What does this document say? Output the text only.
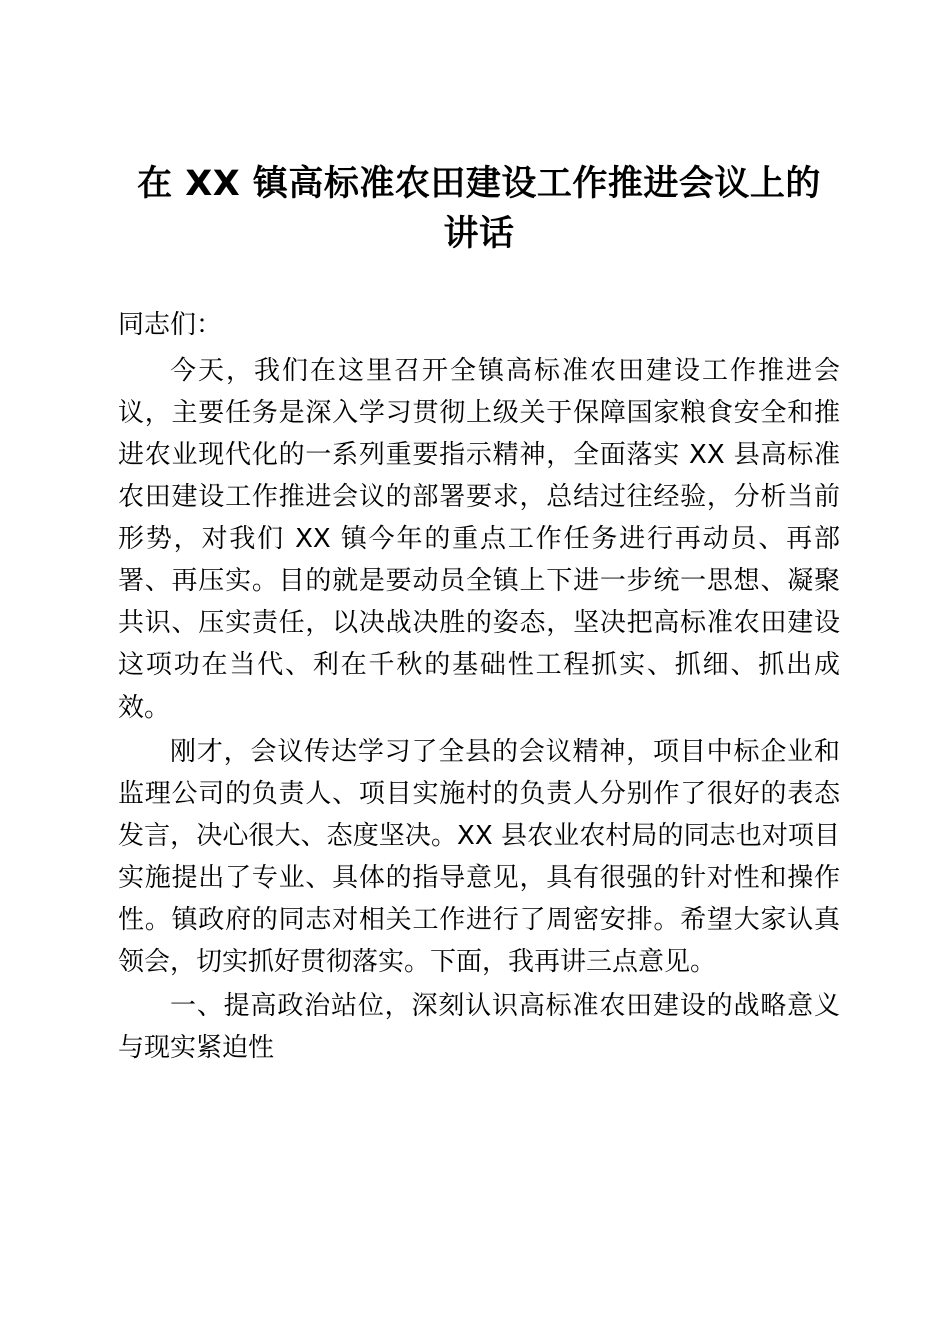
在 XX 镇高标准农田建设工作推进会议上的讲话

同志们：

今天，我们在这里召开全镇高标准农田建设工作推进会议，主要任务是深入学习贯彻上级关于保障国家粮食安全和推进农业现代化的一系列重要指示精神，全面落实 XX 县高标准农田建设工作推进会议的部署要求，总结过往经验，分析当前形势，对我们 XX 镇今年的重点工作任务进行再动员、再部署、再压实。目的就是要动员全镇上下进一步统一思想、凝聚共识、压实责任，以决战决胜的姿态，坚决把高标准农田建设这项功在当代、利在千秋的基础性工程抓实、抓细、抓出成效。

刚才，会议传达学习了全县的会议精神，项目中标企业和监理公司的负责人、项目实施村的负责人分别作了很好的表态发言，决心很大、态度坚决。XX 县农业农村局的同志也对项目实施提出了专业、具体的指导意见，具有很强的针对性和操作性。镇政府的同志对相关工作进行了周密安排。希望大家认真领会，切实抓好贯彻落实。下面，我再讲三点意见。

一、提高政治站位，深刻认识高标准农田建设的战略意义与现实紧迫性
